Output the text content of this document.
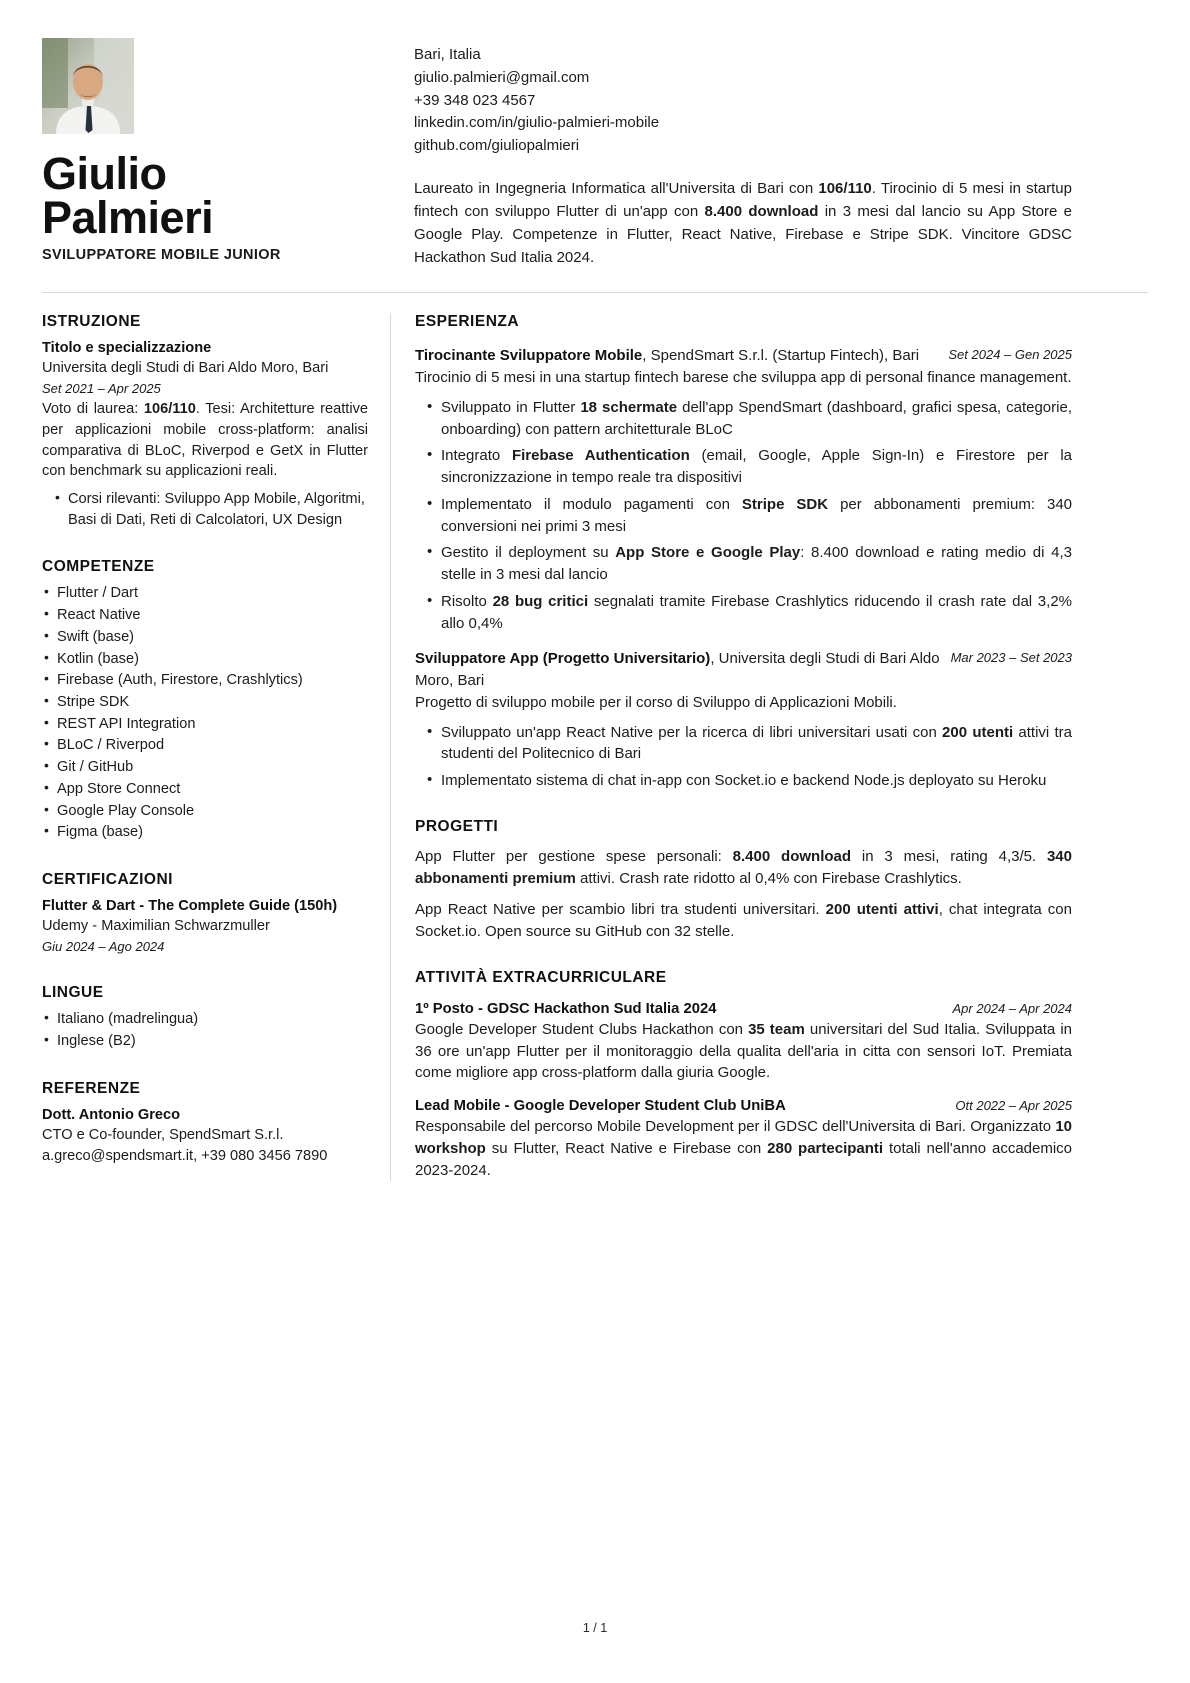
Giulio
Palmieri
SVILUPPATORE MOBILE JUNIOR
Bari, Italia
giulio.palmieri@gmail.com
+39 348 023 4567
linkedin.com/in/giulio-palmieri-mobile
github.com/giuliopalmieri
Laureato in Ingegneria Informatica all'Universita di Bari con 106/110. Tirocinio di 5 mesi in startup fintech con sviluppo Flutter di un'app con 8.400 download in 3 mesi dal lancio su App Store e Google Play. Competenze in Flutter, React Native, Firebase e Stripe SDK. Vincitore GDSC Hackathon Sud Italia 2024.
ISTRUZIONE
Titolo e specializzazione
Universita degli Studi di Bari Aldo Moro, Bari
Set 2021 – Apr 2025
Voto di laurea: 106/110. Tesi: Architetture reattive per applicazioni mobile cross-platform: analisi comparativa di BLoC, Riverpod e GetX in Flutter con benchmark su applicazioni reali.
• Corsi rilevanti: Sviluppo App Mobile, Algoritmi, Basi di Dati, Reti di Calcolatori, UX Design
COMPETENZE
• Flutter / Dart
• React Native
• Swift (base)
• Kotlin (base)
• Firebase (Auth, Firestore, Crashlytics)
• Stripe SDK
• REST API Integration
• BLoC / Riverpod
• Git / GitHub
• App Store Connect
• Google Play Console
• Figma (base)
CERTIFICAZIONI
Flutter & Dart - The Complete Guide (150h)
Udemy - Maximilian Schwarzmuller
Giu 2024 – Ago 2024
LINGUE
• Italiano (madrelingua)
• Inglese (B2)
REFERENZE
Dott. Antonio Greco
CTO e Co-founder, SpendSmart S.r.l.
a.greco@spendsmart.it, +39 080 3456 7890
ESPERIENZA
Tirocinante Sviluppatore Mobile, SpendSmart S.r.l. (Startup Fintech), Bari	Set 2024 – Gen 2025
Tirocinio di 5 mesi in una startup fintech barese che sviluppa app di personal finance management.
• Sviluppato in Flutter 18 schermate dell'app SpendSmart (dashboard, grafici spesa, categorie, onboarding) con pattern architetturale BLoC
• Integrato Firebase Authentication (email, Google, Apple Sign-In) e Firestore per la sincronizzazione in tempo reale tra dispositivi
• Implementato il modulo pagamenti con Stripe SDK per abbonamenti premium: 340 conversioni nei primi 3 mesi
• Gestito il deployment su App Store e Google Play: 8.400 download e rating medio di 4,3 stelle in 3 mesi dal lancio
• Risolto 28 bug critici segnalati tramite Firebase Crashlytics riducendo il crash rate dal 3,2% allo 0,4%
Sviluppatore App (Progetto Universitario), Universita degli Studi di Bari Aldo Moro, Bari
Mar 2023 – Set 2023
Progetto di sviluppo mobile per il corso di Sviluppo di Applicazioni Mobili.
• Sviluppato un'app React Native per la ricerca di libri universitari usati con 200 utenti attivi tra studenti del Politecnico di Bari
• Implementato sistema di chat in-app con Socket.io e backend Node.js deployato su Heroku
PROGETTI
App Flutter per gestione spese personali: 8.400 download in 3 mesi, rating 4,3/5. 340 abbonamenti premium attivi. Crash rate ridotto al 0,4% con Firebase Crashlytics.
App React Native per scambio libri tra studenti universitari. 200 utenti attivi, chat integrata con Socket.io. Open source su GitHub con 32 stelle.
ATTIVITÀ EXTRACURRICULARE
1º Posto - GDSC Hackathon Sud Italia 2024	Apr 2024 – Apr 2024
Google Developer Student Clubs Hackathon con 35 team universitari del Sud Italia. Sviluppata in 36 ore un'app Flutter per il monitoraggio della qualita dell'aria in citta con sensori IoT. Premiata come migliore app cross-platform dalla giuria Google.
Lead Mobile - Google Developer Student Club UniBA	Ott 2022 – Apr 2025
Responsabile del percorso Mobile Development per il GDSC dell'Universita di Bari. Organizzato 10 workshop su Flutter, React Native e Firebase con 280 partecipanti totali nell'anno accademico 2023-2024.
1 / 1
